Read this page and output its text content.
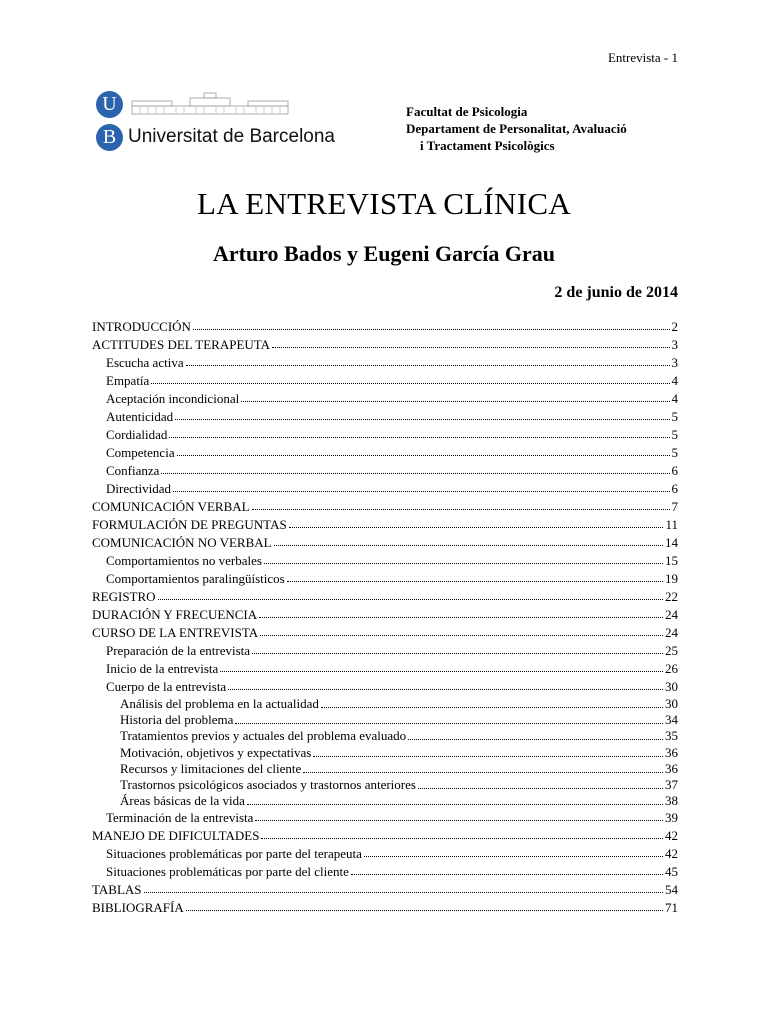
Entrevista - 1
U
B Universitat de Barcelona
Facultat de Psicologia
Departament de Personalitat, Avaluació
i Tractament Psicològics
LA ENTREVISTA CLÍNICA
Arturo Bados y Eugeni García Grau
2 de junio de 2014
INTRODUCCIÓN	2
ACTITUDES DEL TERAPEUTA	3
Escucha activa	3
Empatía	4
Aceptación incondicional	4
Autenticidad	5
Cordialidad	5
Competencia	5
Confianza	6
Directividad	6
COMUNICACIÓN VERBAL	7
FORMULACIÓN DE PREGUNTAS	11
COMUNICACIÓN NO VERBAL	14
Comportamientos no verbales	15
Comportamientos paralingüísticos	19
REGISTRO	22
DURACIÓN Y FRECUENCIA	24
CURSO DE LA ENTREVISTA	24
Preparación de la entrevista	25
Inicio de la entrevista	26
Cuerpo de la entrevista	30
Análisis del problema en la actualidad	30
Historia del problema	34
Tratamientos previos y actuales del problema evaluado	35
Motivación, objetivos y expectativas	36
Recursos y limitaciones del cliente	36
Trastornos psicológicos asociados y trastornos anteriores	37
Áreas básicas de la vida	38
Terminación de la entrevista	39
MANEJO DE DIFICULTADES	42
Situaciones problemáticas por parte del terapeuta	42
Situaciones problemáticas por parte del cliente	45
TABLAS	54
BIBLIOGRAFÍA	71
